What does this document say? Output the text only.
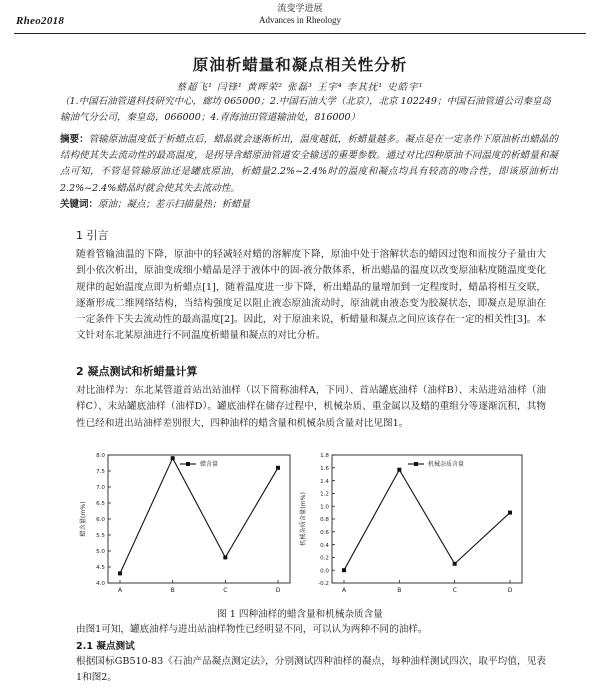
Rheo2018
流变学进展
Advances in Rheology
原油析蜡量和凝点相关性分析
蔡超飞¹ 闫锋¹ 黄晖荣² 张磊³ 王宇⁴ 李其抚¹ 史皓宇¹
（1.中国石油管道科技研究中心，廊坊 065000；2.中国石油大学（北京），北京 102249；中国石油管道公司秦皇岛输油气分公司，秦皇岛，066000；4.青海油田管道输油处，816000）
摘要：管输原油温度低于析蜡点后，蜡晶就会逐渐析出，温度越低，析蜡量越多。凝点是在一定条件下原油析出蜡晶的结构使其失去流动性的最高温度，是拐导含蜡原油管道安全输送的重要参数。通过对比四种原油不同温度的析蜡量和凝点可知，不管是管输原油还是罐底原油，析蜡量2.2%~2.4%时的温度和凝点均具有较高的吻合性，即该原油析出2.2%~2.4%蜡晶时就会使其失去流动性。
关键词：原油；凝点；差示扫描量热；析蜡量
1 引言
随着管输油温的下降，原油中的轻减轻对蜡的溶解度下降，原油中处于溶解状态的蜡因过饱和而按分子量由大到小依次析出，原油变成细小蜡晶是浮于液体中的固-液分散体系，析出蜡晶的温度以改变原油粘度随温度变化规律的起始温度点即为析蜡点[1]，随着温度进一步下降，析出蜡晶的量增加到一定程度时，蜡晶将相互交联，逐渐形成二维网络结构，当结构强度足以阻止液态原油流动时，原油就由液态变为胶凝状态，即凝点是原油在一定条件下失去流动性的最高温度[2]。因此，对于原油来说，析蜡量和凝点之间应该存在一定的相关性[3]。本文针对东北某原油进行不同温度析蜡量和凝点的对比分析。
2 凝点测试和析蜡量计算
对比油样为：东北某管道首站出站油样（以下简称油样A，下同）、首站罐底油样（油样B）、末站进站油样（油样C）、末站罐底油样（油样D）。罐底油样在储存过程中，机械杂质、重金属以及蜡的重组分等逐渐沉积，其物性已经和进出站油样差别很大，四种油样的蜡含量和机械杂质含量对比见图1。
4.0
4.5
5.0
5.5
6.0
6.5
7.0
7.5
8.0
A	B	C	D
蜡含量(m%)
蜡含量
-0.2
0.0
0.2
0.4
0.6
0.8
1.0
1.2
1.4
1.6
1.8
A	B	C	D
机械杂质含量(m%)
机械杂质含量
图 1 四种油样的蜡含量和机械杂质含量
由图1可知，罐底油样与进出站油样物性已经明显不同，可以认为两种不同的油样。
2.1 凝点测试
根据国标GB510-83《石油产品凝点测定法》，分别测试四种油样的凝点，每种油样测试四次，取平均值，见表1和图2。
